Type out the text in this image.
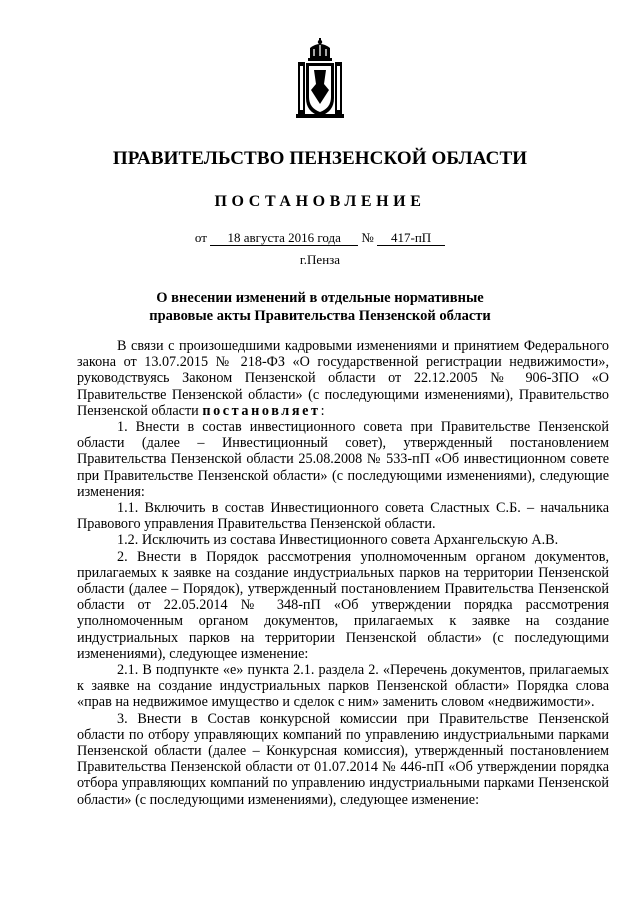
ПРАВИТЕЛЬСТВО ПЕНЗЕНСКОЙ ОБЛАСТИ
ПОСТАНОВЛЕНИЕ
от 18 августа 2016 года № 417-пП
г.Пенза
О внесении изменений в отдельные нормативные
правовые акты Правительства Пензенской области

В связи с произошедшими кадровыми изменениями и принятием Федерального закона от 13.07.2015 № 218-ФЗ «О государственной регистрации недвижимости», руководствуясь Законом Пензенской области от 22.12.2005 № 906-ЗПО «О Правительстве Пензенской области» (с последующими изменениями), Правительство Пензенской области постановляет:

1. Внести в состав инвестиционного совета при Правительстве Пензенской области (далее – Инвестиционный совет), утвержденный постановлением Правительства Пензенской области 25.08.2008 № 533-пП «Об инвестиционном совете при Правительстве Пензенской области» (с последующими изменениями), следующие изменения:

1.1. Включить в состав Инвестиционного совета Сластных С.Б. – начальника Правового управления Правительства Пензенской области.

1.2. Исключить из состава Инвестиционного совета Архангельскую А.В.

2. Внести в Порядок рассмотрения уполномоченным органом документов, прилагаемых к заявке на создание индустриальных парков на территории Пензенской области (далее – Порядок), утвержденный постановлением Правительства Пензенской области от 22.05.2014 № 348-пП «Об утверждении порядка рассмотрения уполномоченным органом документов, прилагаемых к заявке на создание индустриальных парков на территории Пензенской области» (с последующими изменениями), следующее изменение:

2.1. В подпункте «е» пункта 2.1. раздела 2. «Перечень документов, прилагаемых к заявке на создание индустриальных парков Пензенской области» Порядка слова «прав на недвижимое имущество и сделок с ним» заменить словом «недвижимости».

3. Внести в Состав конкурсной комиссии при Правительстве Пензенской области по отбору управляющих компаний по управлению индустриальными парками Пензенской области (далее – Конкурсная комиссия), утвержденный постановлением Правительства Пензенской области от 01.07.2014 № 446-пП «Об утверждении порядка отбора управляющих компаний по управлению индустриальными парками Пензенской области» (с последующими изменениями), следующее изменение:
